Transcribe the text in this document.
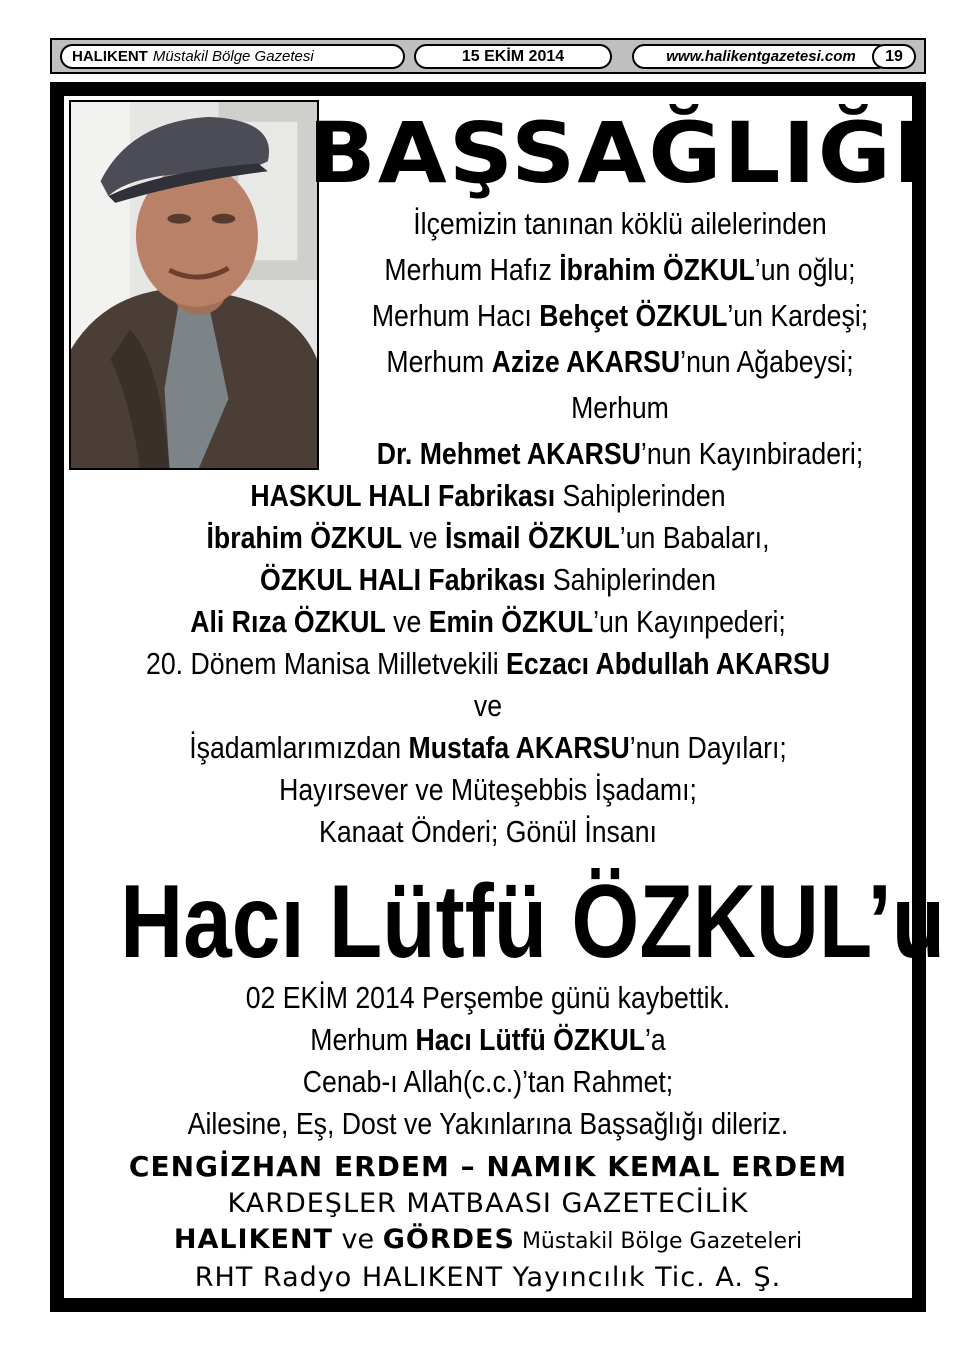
HALIKENT Müstakil Bölge Gazetesi	15 EKİM 2014	www.halikentgazetesi.com	19
BAŞSAĞLIĞI
İlçemizin tanınan köklü ailelerinden
Merhum Hafız İbrahim ÖZKUL’un oğlu;
Merhum Hacı Behçet ÖZKUL’un Kardeşi;
Merhum Azize AKARSU’nun Ağabeysi;
Merhum
Dr. Mehmet AKARSU’nun Kayınbiraderi;
HASKUL HALI Fabrikası Sahiplerinden
İbrahim ÖZKUL ve İsmail ÖZKUL’un Babaları,
ÖZKUL HALI Fabrikası Sahiplerinden
Ali Rıza ÖZKUL ve Emin ÖZKUL’un Kayınpederi;
20. Dönem Manisa Milletvekili Eczacı Abdullah AKARSU
ve
İşadamlarımızdan Mustafa AKARSU’nun Dayıları;
Hayırsever ve Müteşebbis İşadamı;
Kanaat Önderi; Gönül İnsanı
Hacı Lütfü ÖZKUL’u
02 EKİM 2014 Perşembe günü kaybettik.
Merhum Hacı Lütfü ÖZKUL’a
Cenab-ı Allah(c.c.)’tan Rahmet;
Ailesine, Eş, Dost ve Yakınlarına Başsağlığı dileriz.
CENGİZHAN ERDEM – NAMIK KEMAL ERDEM
KARDEŞLER MATBAASI GAZETECİLİK
HALIKENT ve GÖRDES Müstakil Bölge Gazeteleri
RHT Radyo HALIKENT Yayıncılık Tic. A. Ş.
